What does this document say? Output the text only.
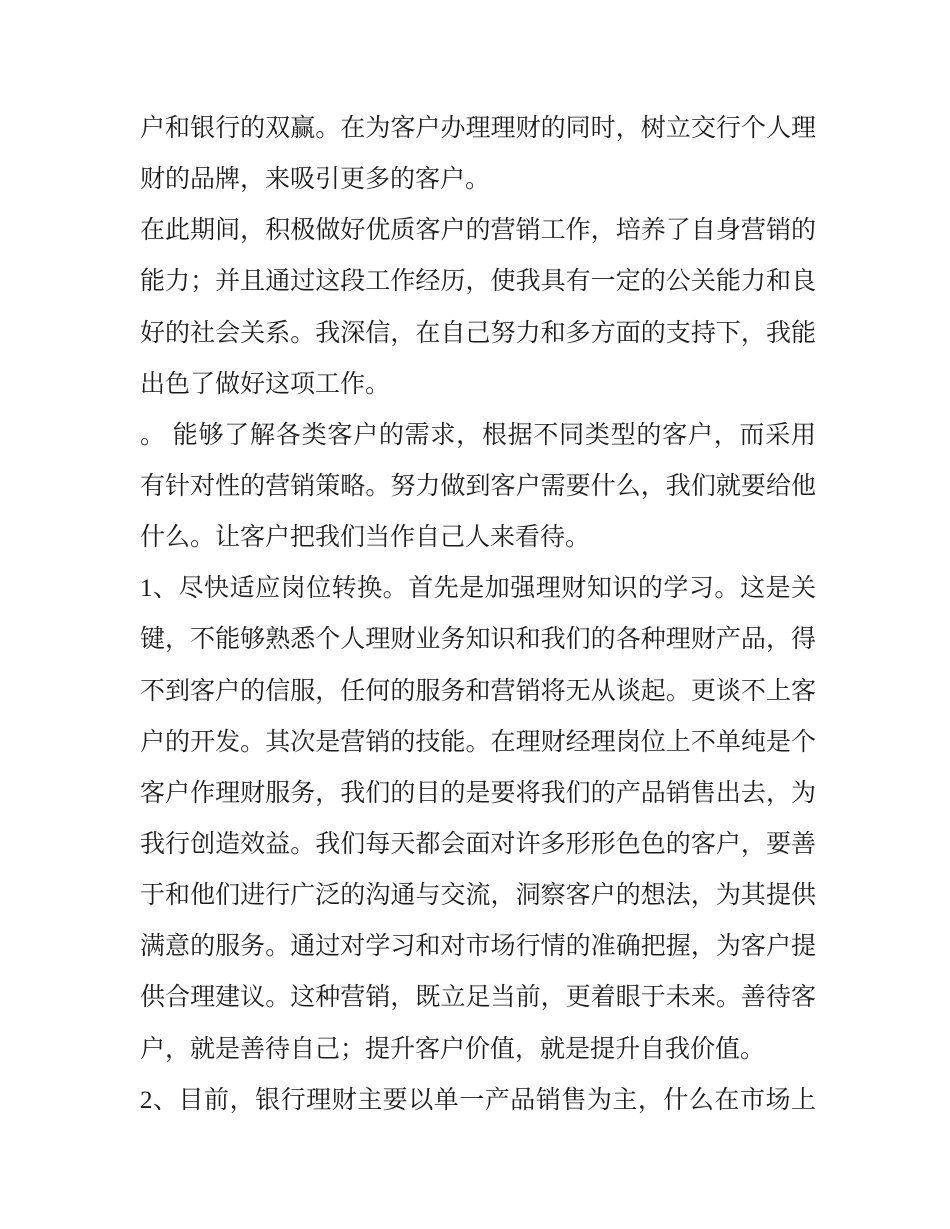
户和银行的双赢。在为客户办理理财的同时，树立交行个人理
财的品牌，来吸引更多的客户。
在此期间，积极做好优质客户的营销工作，培养了自身营销的
能力；并且通过这段工作经历，使我具有一定的公关能力和良
好的社会关系。我深信，在自己努力和多方面的支持下，我能
出色了做好这项工作。
。 能够了解各类客户的需求，根据不同类型的客户，而采用
有针对性的营销策略。努力做到客户需要什么，我们就要给他
什么。让客户把我们当作自己人来看待。
1、尽快适应岗位转换。首先是加强理财知识的学习。这是关
键，不能够熟悉个人理财业务知识和我们的各种理财产品，得
不到客户的信服，任何的服务和营销将无从谈起。更谈不上客
户的开发。其次是营销的技能。在理财经理岗位上不单纯是个
客户作理财服务，我们的目的是要将我们的产品销售出去，为
我行创造效益。我们每天都会面对许多形形色色的客户，要善
于和他们进行广泛的沟通与交流，洞察客户的想法，为其提供
满意的服务。通过对学习和对市场行情的准确把握，为客户提
供合理建议。这种营销，既立足当前，更着眼于未来。善待客
户，就是善待自己；提升客户价值，就是提升自我价值。
2、目前，银行理财主要以单一产品销售为主，什么在市场上
